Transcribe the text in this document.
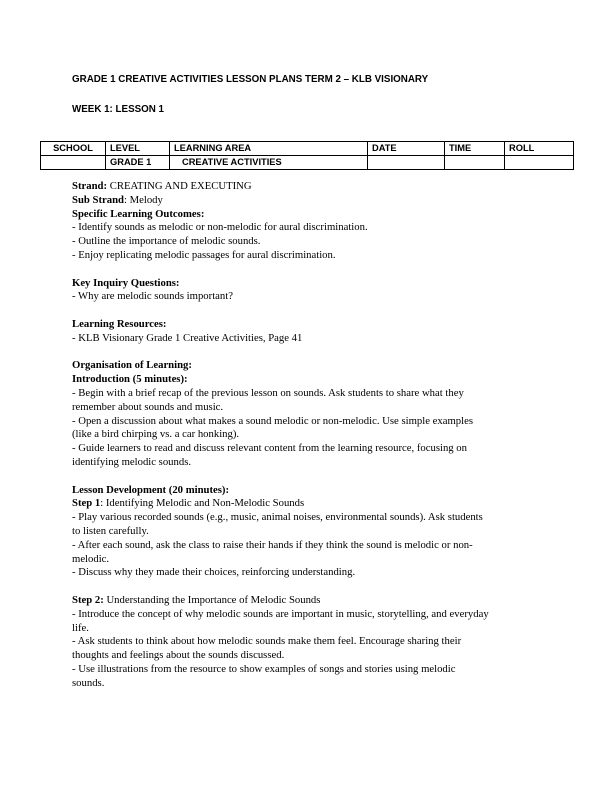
GRADE 1 CREATIVE ACTIVITIES LESSON PLANS TERM 2 – KLB VISIONARY
WEEK 1: LESSON 1
SCHOOL	LEVEL	LEARNING AREA	DATE	TIME	ROLL
	GRADE 1	CREATIVE ACTIVITIES			

Strand: CREATING AND EXECUTING

Sub Strand: Melody

Specific Learning Outcomes:

- Identify sounds as melodic or non-melodic for aural discrimination.

- Outline the importance of melodic sounds.

- Enjoy replicating melodic passages for aural discrimination.

Key Inquiry Questions:

- Why are melodic sounds important?

Learning Resources:

- KLB Visionary Grade 1 Creative Activities, Page 41

Organisation of Learning:

Introduction (5 minutes):

- Begin with a brief recap of the previous lesson on sounds. Ask students to share what they

remember about sounds and music.

- Open a discussion about what makes a sound melodic or non-melodic. Use simple examples

(like a bird chirping vs. a car honking).

- Guide learners to read and discuss relevant content from the learning resource, focusing on

identifying melodic sounds.

Lesson Development (20 minutes):

Step 1: Identifying Melodic and Non-Melodic Sounds

- Play various recorded sounds (e.g., music, animal noises, environmental sounds). Ask students

to listen carefully.

- After each sound, ask the class to raise their hands if they think the sound is melodic or non-

melodic.

- Discuss why they made their choices, reinforcing understanding.

Step 2: Understanding the Importance of Melodic Sounds

- Introduce the concept of why melodic sounds are important in music, storytelling, and everyday

life.

- Ask students to think about how melodic sounds make them feel. Encourage sharing their

thoughts and feelings about the sounds discussed.

- Use illustrations from the resource to show examples of songs and stories using melodic

sounds.
